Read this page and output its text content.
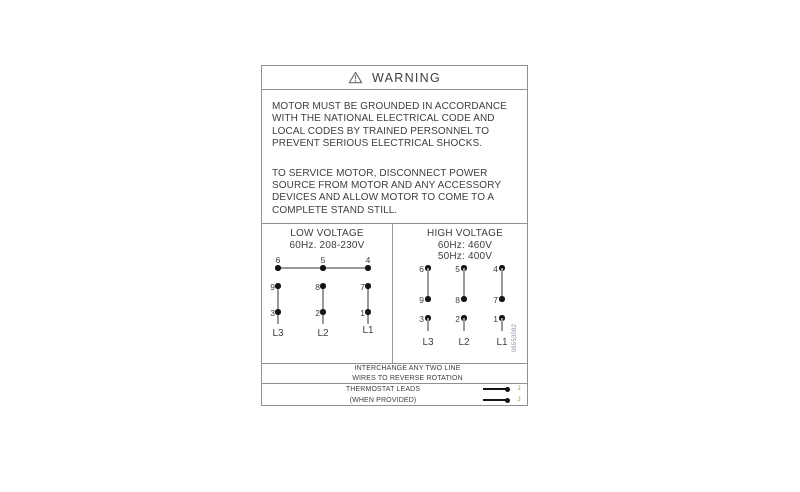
WARNING
MOTOR MUST BE GROUNDED IN ACCORDANCE
WITH THE NATIONAL ELECTRICAL CODE AND
LOCAL CODES BY TRAINED PERSONNEL TO
PREVENT SERIOUS ELECTRICAL SHOCKS.
TO SERVICE MOTOR, DISCONNECT POWER
SOURCE FROM MOTOR AND ANY ACCESSORY
DEVICES AND ALLOW MOTOR TO COME TO A
COMPLETE STAND STILL.
LOW VOLTAGE
60Hz. 208-230V
6
9
3
L3
5
8
2
L2
4
7
1
L1
HIGH VOLTAGE
60Hz: 460V
50Hz: 400V
6
9
3
L3
5
8
2
L2
4
7
1
L1 96553082
INTERCHANGE ANY TWO LINE
WIRES TO REVERSE ROTATION
THERMOSTAT LEADS
(WHEN PROVIDED)
J
J
